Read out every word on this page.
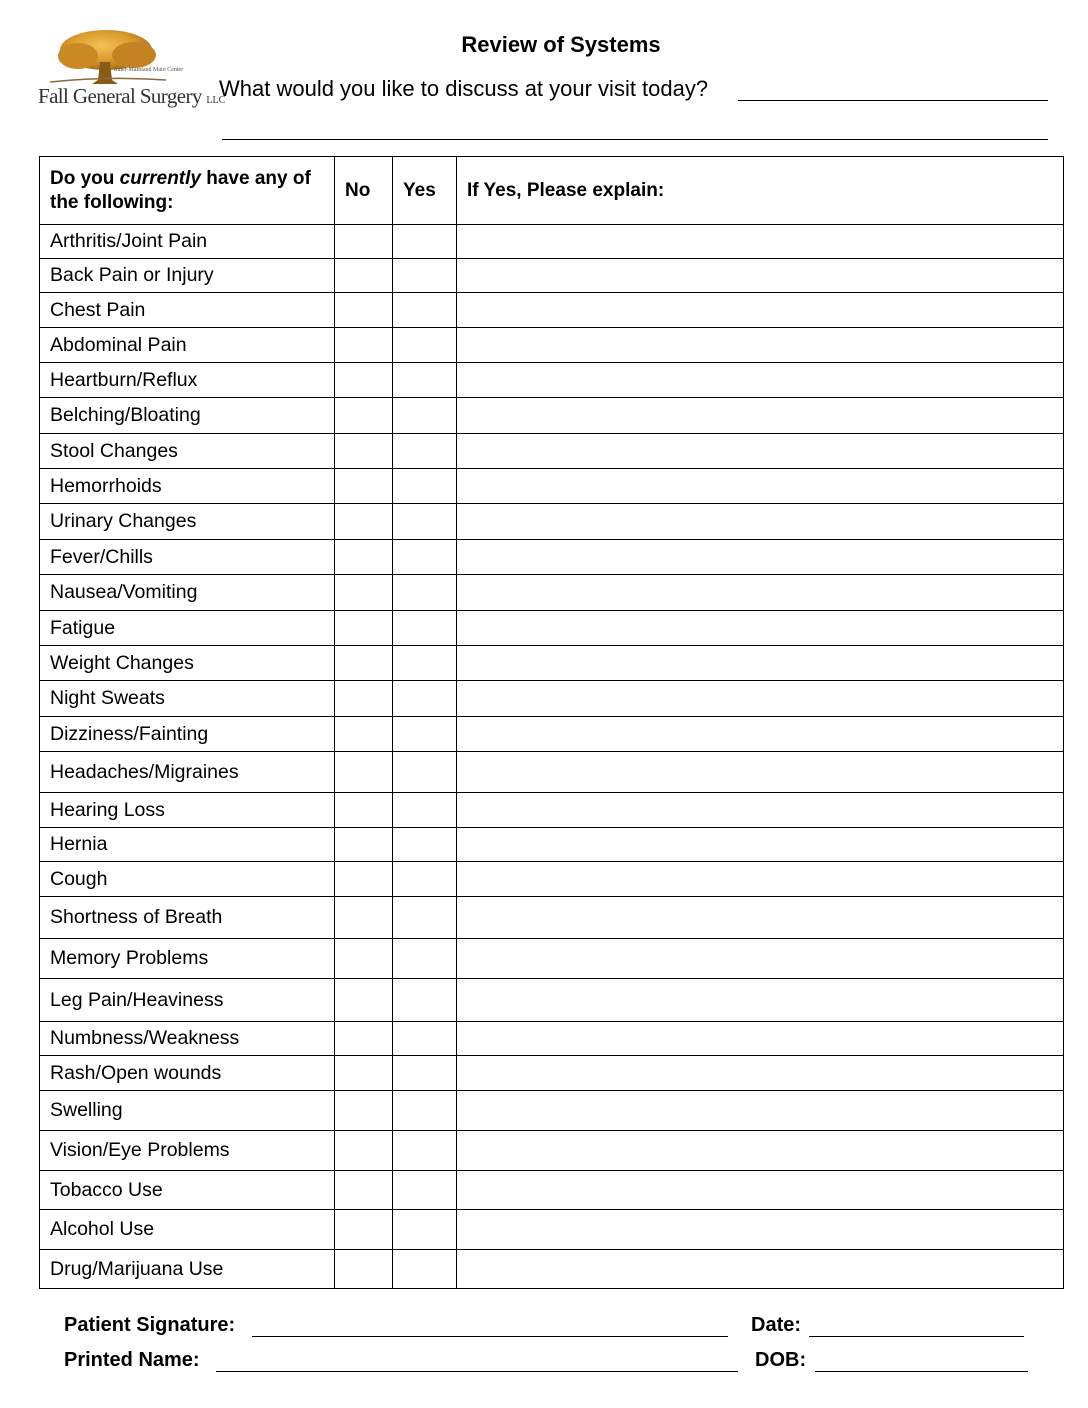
Inner-Mainland Main Center
Fall General Surgery LLC
Review of Systems
What would you like to discuss at your visit today?
Do you currently have any of the following:	No	Yes	If Yes, Please explain:
Arthritis/Joint Pain			
Back Pain or Injury			
Chest Pain			
Abdominal Pain			
Heartburn/Reflux			
Belching/Bloating			
Stool Changes			
Hemorrhoids			
Urinary Changes			
Fever/Chills			
Nausea/Vomiting			
Fatigue			
Weight Changes			
Night Sweats			
Dizziness/Fainting			
Headaches/Migraines			
Hearing Loss			
Hernia			
Cough			
Shortness of Breath			
Memory Problems			
Leg Pain/Heaviness			
Numbness/Weakness			
Rash/Open wounds			
Swelling			
Vision/Eye Problems			
Tobacco Use			
Alcohol Use			
Drug/Marijuana Use			
Patient Signature:	Date:
Printed Name:	DOB:
